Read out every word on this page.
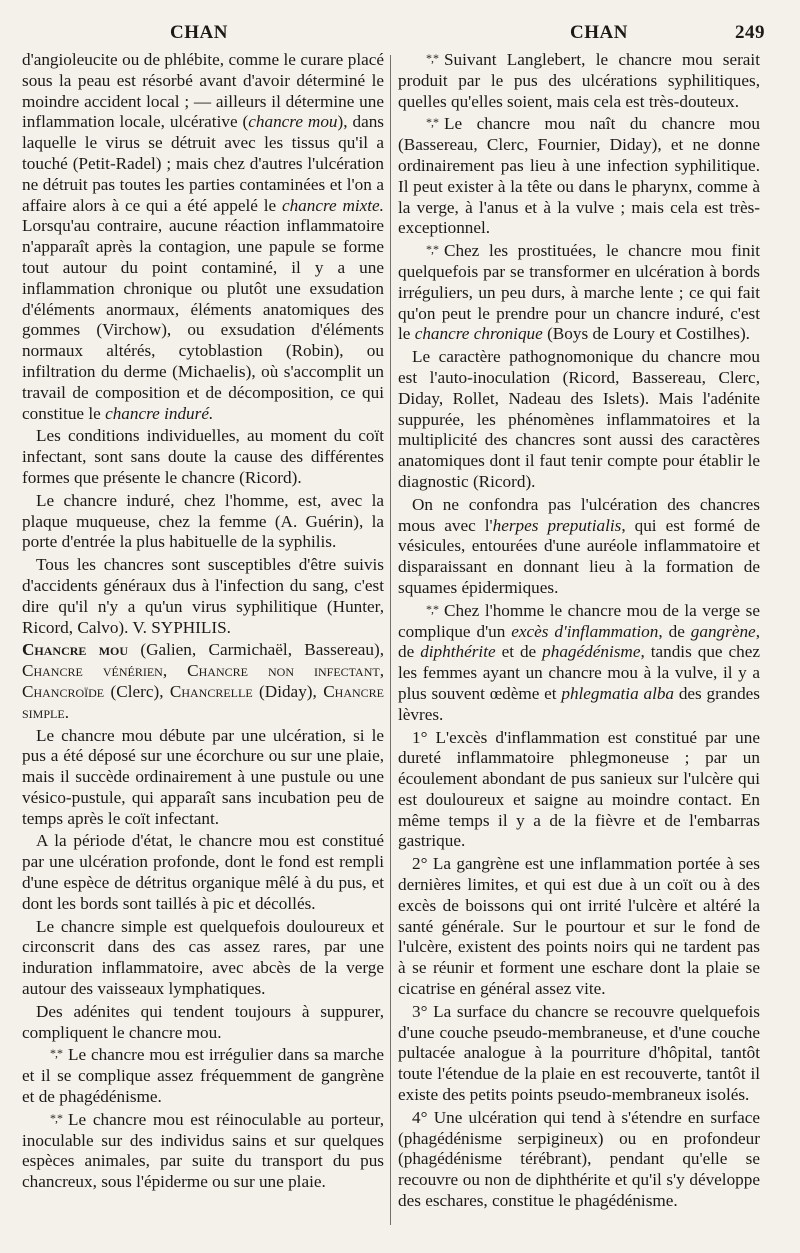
CHAN	CHAN	249

d'angioleucite ou de phlébite, comme le curare placé sous la peau est résorbé avant d'avoir déterminé le moindre accident local ; — ailleurs il détermine une inflammation locale, ulcérative (chancre mou), dans laquelle le virus se détruit avec les tissus qu'il a touché (Petit-Radel) ; mais chez d'autres l'ulcération ne détruit pas toutes les parties contaminées et l'on a affaire alors à ce qui a été appelé le chancre mixte. Lorsqu'au contraire, aucune réaction inflammatoire n'apparaît après la contagion, une papule se forme tout autour du point contaminé, il y a une inflammation chronique ou plutôt une exsudation d'éléments anormaux, éléments anatomiques des gommes (Virchow), ou exsudation d'éléments normaux altérés, cytoblastion (Robin), ou infiltration du derme (Michaelis), où s'accomplit un travail de composition et de décomposition, ce qui constitue le chancre induré.

Les conditions individuelles, au moment du coït infectant, sont sans doute la cause des différentes formes que présente le chancre (Ricord).

Le chancre induré, chez l'homme, est, avec la plaque muqueuse, chez la femme (A. Guérin), la porte d'entrée la plus habituelle de la syphilis.

Tous les chancres sont susceptibles d'être suivis d'accidents généraux dus à l'infection du sang, c'est dire qu'il n'y a qu'un virus syphilitique (Hunter, Ricord, Calvo). V. SYPHILIS.

Chancre mou (Galien, Carmichaël, Bassereau), Chancre vénérien, Chancre non infectant, Chancroïde (Clerc), Chancrelle (Diday), Chancre simple.

Le chancre mou débute par une ulcération, si le pus a été déposé sur une écorchure ou sur une plaie, mais il succède ordinairement à une pustule ou une vésico-pustule, qui apparaît sans incubation peu de temps après le coït infectant.

A la période d'état, le chancre mou est constitué par une ulcération profonde, dont le fond est rempli d'une espèce de détritus organique mêlé à du pus, et dont les bords sont taillés à pic et décollés.

Le chancre simple est quelquefois douloureux et circonscrit dans des cas assez rares, par une induration inflammatoire, avec abcès de la verge autour des vaisseaux lymphatiques.

Des adénites qui tendent toujours à suppurer, compliquent le chancre mou.

*,* Le chancre mou est irrégulier dans sa marche et il se complique assez fréquemment de gangrène et de phagédénisme.

*,* Le chancre mou est réinoculable au porteur, inoculable sur des individus sains et sur quelques espèces animales, par suite du transport du pus chancreux, sous l'épiderme ou sur une plaie.

*,* Suivant Langlebert, le chancre mou serait produit par le pus des ulcérations syphilitiques, quelles qu'elles soient, mais cela est très-douteux.

*,* Le chancre mou naît du chancre mou (Bassereau, Clerc, Fournier, Diday), et ne donne ordinairement pas lieu à une infection syphilitique. Il peut exister à la tête ou dans le pharynx, comme à la verge, à l'anus et à la vulve ; mais cela est très-exceptionnel.

*,* Chez les prostituées, le chancre mou finit quelquefois par se transformer en ulcération à bords irréguliers, un peu durs, à marche lente ; ce qui fait qu'on peut le prendre pour un chancre induré, c'est le chancre chronique (Boys de Loury et Costilhes).

Le caractère pathognomonique du chancre mou est l'auto-inoculation (Ricord, Bassereau, Clerc, Diday, Rollet, Nadeau des Islets). Mais l'adénite suppurée, les phénomènes inflammatoires et la multiplicité des chancres sont aussi des caractères anatomiques dont il faut tenir compte pour établir le diagnostic (Ricord).

On ne confondra pas l'ulcération des chancres mous avec l'herpes preputialis, qui est formé de vésicules, entourées d'une auréole inflammatoire et disparaissant en donnant lieu à la formation de squames épidermiques.

*,* Chez l'homme le chancre mou de la verge se complique d'un excès d'inflammation, de gangrène, de diphthérite et de phagédénisme, tandis que chez les femmes ayant un chancre mou à la vulve, il y a plus souvent œdème et phlegmatia alba des grandes lèvres.

1° L'excès d'inflammation est constitué par une dureté inflammatoire phlegmoneuse ; par un écoulement abondant de pus sanieux sur l'ulcère qui est douloureux et saigne au moindre contact. En même temps il y a de la fièvre et de l'embarras gastrique.

2° La gangrène est une inflammation portée à ses dernières limites, et qui est due à un coït ou à des excès de boissons qui ont irrité l'ulcère et altéré la santé générale. Sur le pourtour et sur le fond de l'ulcère, existent des points noirs qui ne tardent pas à se réunir et forment une eschare dont la plaie se cicatrise en général assez vite.

3° La surface du chancre se recouvre quelquefois d'une couche pseudo-membraneuse, et d'une couche pultacée analogue à la pourriture d'hôpital, tantôt toute l'étendue de la plaie en est recouverte, tantôt il existe des petits points pseudo-membraneux isolés.

4° Une ulcération qui tend à s'étendre en surface (phagédénisme serpigineux) ou en profondeur (phagédénisme térébrant), pendant qu'elle se recouvre ou non de diphthérite et qu'il s'y développe des eschares, constitue le phagédénisme.
